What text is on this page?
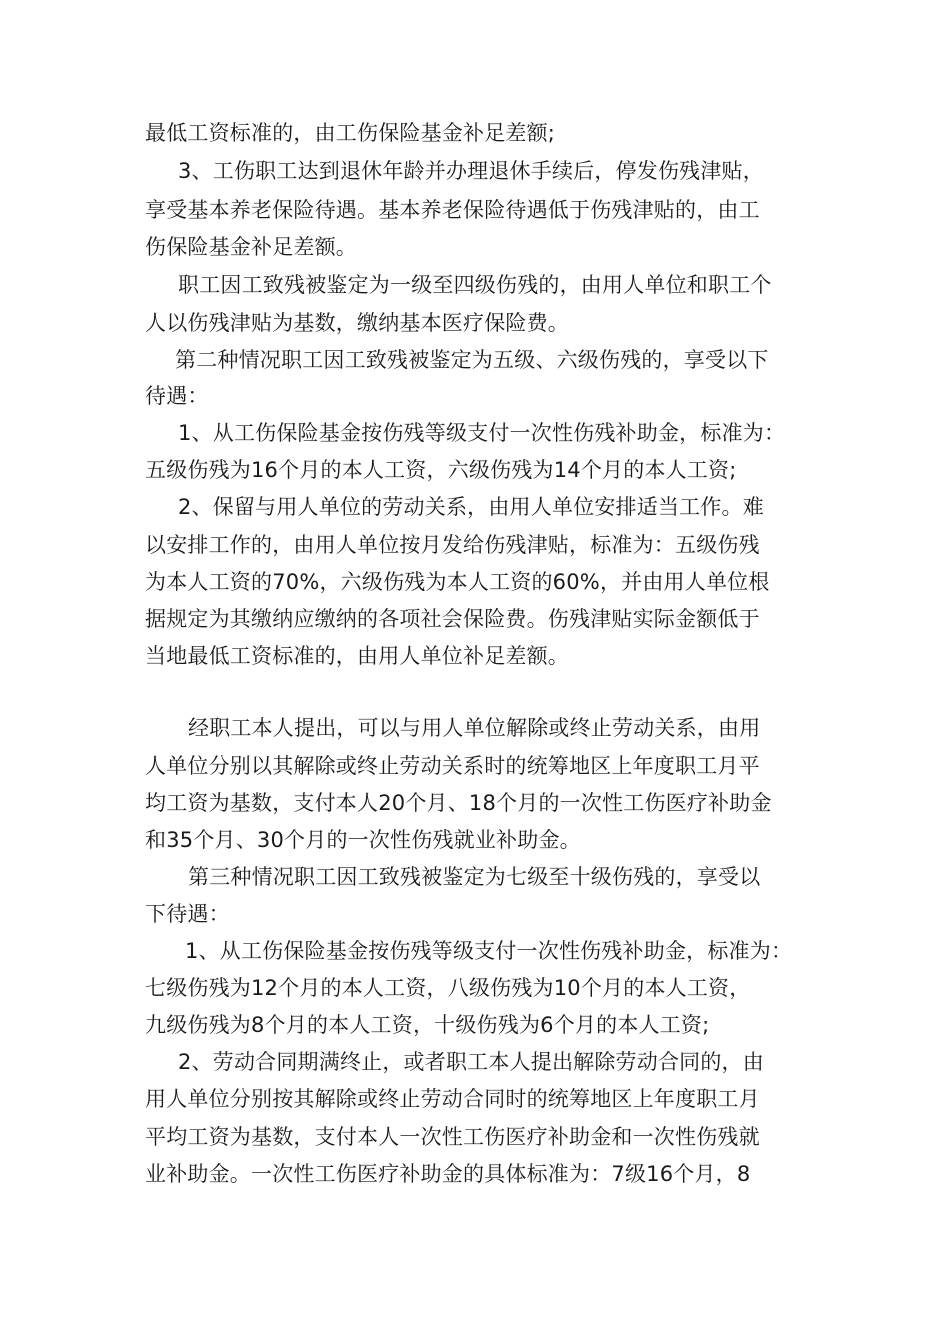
最低工资标准的，由工伤保险基金补足差额;
3、工伤职工达到退休年龄并办理退休手续后，停发伤残津贴，
享受基本养老保险待遇。基本养老保险待遇低于伤残津贴的，由工
伤保险基金补足差额。
职工因工致残被鉴定为一级至四级伤残的，由用人单位和职工个
人以伤残津贴为基数，缴纳基本医疗保险费。
第二种情况职工因工致残被鉴定为五级、六级伤残的，享受以下
待遇：
1、从工伤保险基金按伤残等级支付一次性伤残补助金，标准为：
五级伤残为16个月的本人工资，六级伤残为14个月的本人工资;
2、保留与用人单位的劳动关系，由用人单位安排适当工作。难
以安排工作的，由用人单位按月发给伤残津贴，标准为：五级伤残
为本人工资的70%，六级伤残为本人工资的60%，并由用人单位根
据规定为其缴纳应缴纳的各项社会保险费。伤残津贴实际金额低于
当地最低工资标准的，由用人单位补足差额。
经职工本人提出，可以与用人单位解除或终止劳动关系，由用
人单位分别以其解除或终止劳动关系时的统筹地区上年度职工月平
均工资为基数，支付本人20个月、18个月的一次性工伤医疗补助金
和35个月、30个月的一次性伤残就业补助金。
第三种情况职工因工致残被鉴定为七级至十级伤残的，享受以
下待遇：
1、从工伤保险基金按伤残等级支付一次性伤残补助金，标准为：
七级伤残为12个月的本人工资，八级伤残为10个月的本人工资，
九级伤残为8个月的本人工资，十级伤残为6个月的本人工资;
2、劳动合同期满终止，或者职工本人提出解除劳动合同的，由
用人单位分别按其解除或终止劳动合同时的统筹地区上年度职工月
平均工资为基数，支付本人一次性工伤医疗补助金和一次性伤残就
业补助金。一次性工伤医疗补助金的具体标准为：7级16个月，8
